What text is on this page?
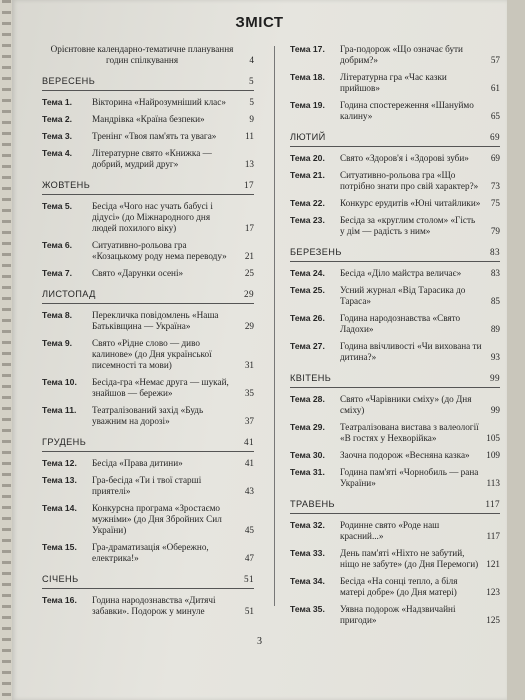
ЗМІСТ
Орієнтовне календарно-тематичне планування годин спілкування	4
ВЕРЕСЕНЬ	5
Тема 1.	Вікторина «Найрозумніший клас»	5
Тема 2.	Мандрівка «Країна безпеки»	9
Тема 3.	Тренінг «Твоя пам'ять та увага»	11
Тема 4.	Літературне свято «Книжка — добрий, мудрий друг»	13
ЖОВТЕНЬ	17
Тема 5.	Бесіда «Чого нас учать бабусі і дідусі» (до Міжнародного дня людей похилого віку)	17
Тема 6.	Ситуативно-рольова гра «Козацькому роду нема переводу» 21
Тема 7.	Свято «Дарунки осені»	25
ЛИСТОПАД	29
Тема 8.	Перекличка повідомлень «Наша Батьківщина — Україна»	29
Тема 9.	Свято «Рідне слово — диво калинове» (до Дня української писемності та мови)	31
Тема 10.	Бесіда-гра «Немає друга — шукай, знайшов — бережи»	35
Тема 11.	Театралізований захід «Будь уважним на дорозі»	37
ГРУДЕНЬ	41
Тема 12.	Бесіда «Права дитини»	41
Тема 13.	Гра-бесіда «Ти і твої старші приятелі»	43
Тема 14.	Конкурсна програма «Зростаємо мужніми» (до Дня Збройних Сил України)	45
Тема 15.	Гра-драматизація «Обережно, електрика!»	47
СІЧЕНЬ	51
Тема 16.	Година народознавства «Дитячі забавки». Подорож у минуле	51
Тема 17.	Гра-подорож «Що означає бути добрим?»	57
Тема 18.	Літературна гра «Час казки прийшов»	61
Тема 19.	Година спостереження «Шануймо калину»	65
ЛЮТИЙ	69
Тема 20.	Свято «Здоров'я і «Здорові зуби» 69
Тема 21.	Ситуативно-рольова гра «Що потрібно знати про свій характер?» 73
Тема 22.	Конкурс ерудитів «Юні читайлики» 75
Тема 23.	Бесіда за «круглим столом» «Гість у дім — радість з ним»	79
БЕРЕЗЕНЬ	83
Тема 24.	Бесіда «Діло майстра величає»	83
Тема 25.	Усний журнал «Від Тарасика до Тараса»	85
Тема 26.	Година народознавства «Свято Ладохи»	89
Тема 27.	Година ввічливості «Чи вихована ти дитина?»	93
КВІТЕНЬ	99
Тема 28.	Свято «Чарівники сміху» (до Дня сміху)	99
Тема 29.	Театралізована вистава з валеології «В гостях у Нехворійка»	105
Тема 30.	Заочна подорож «Весняна казка» 109
Тема 31.	Година пам'яті «Чорнобиль — рана України»	113
ТРАВЕНЬ	117
Тема 32.	Родинне свято «Роде наш красний...»	117
Тема 33.	День пам'яті «Ніхто не забутий, ніщо не забуте» (до Дня Перемоги) 121
Тема 34.	Бесіда «На сонці тепло, а біля матері добре» (до Дня матері)	123
Тема 35.	Уявна подорож «Надзвичайні пригоди»	125
3
